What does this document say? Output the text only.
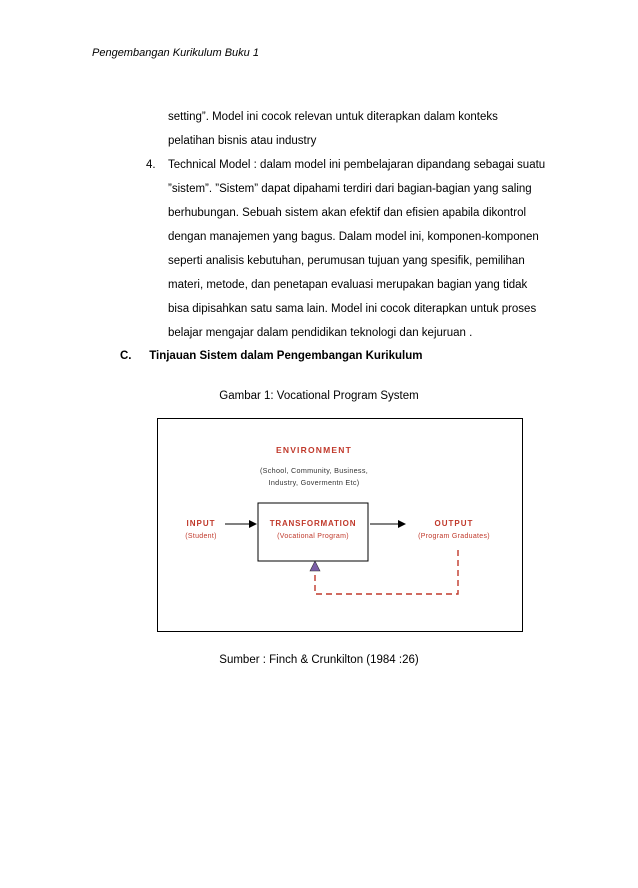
Pengembangan Kurikulum Buku 1
setting”. Model ini cocok relevan untuk diterapkan dalam konteks
pelatihan bisnis atau industry
4. Technical Model : dalam model ini pembelajaran dipandang sebagai suatu
”sistem”. ”Sistem” dapat dipahami terdiri dari bagian-bagian yang saling
berhubungan. Sebuah sistem akan efektif dan efisien apabila dikontrol
dengan manajemen yang bagus. Dalam model ini, komponen-komponen
seperti analisis kebutuhan, perumusan tujuan yang spesifik, pemilihan
materi, metode, dan penetapan evaluasi merupakan bagian yang tidak
bisa dipisahkan satu sama lain. Model ini cocok diterapkan untuk proses
belajar mengajar dalam pendidikan teknologi dan kejuruan .
C. Tinjauan Sistem dalam Pengembangan Kurikulum
Gambar 1: Vocational Program System
ENVIRONMENT
(School, Community, Business,
Industry, Govermentn Etc)
INPUT
(Student)
TRANSFORMATION
(Vocational Program)
OUTPUT
(Program Graduates)
Sumber : Finch & Crunkilton (1984 :26)
